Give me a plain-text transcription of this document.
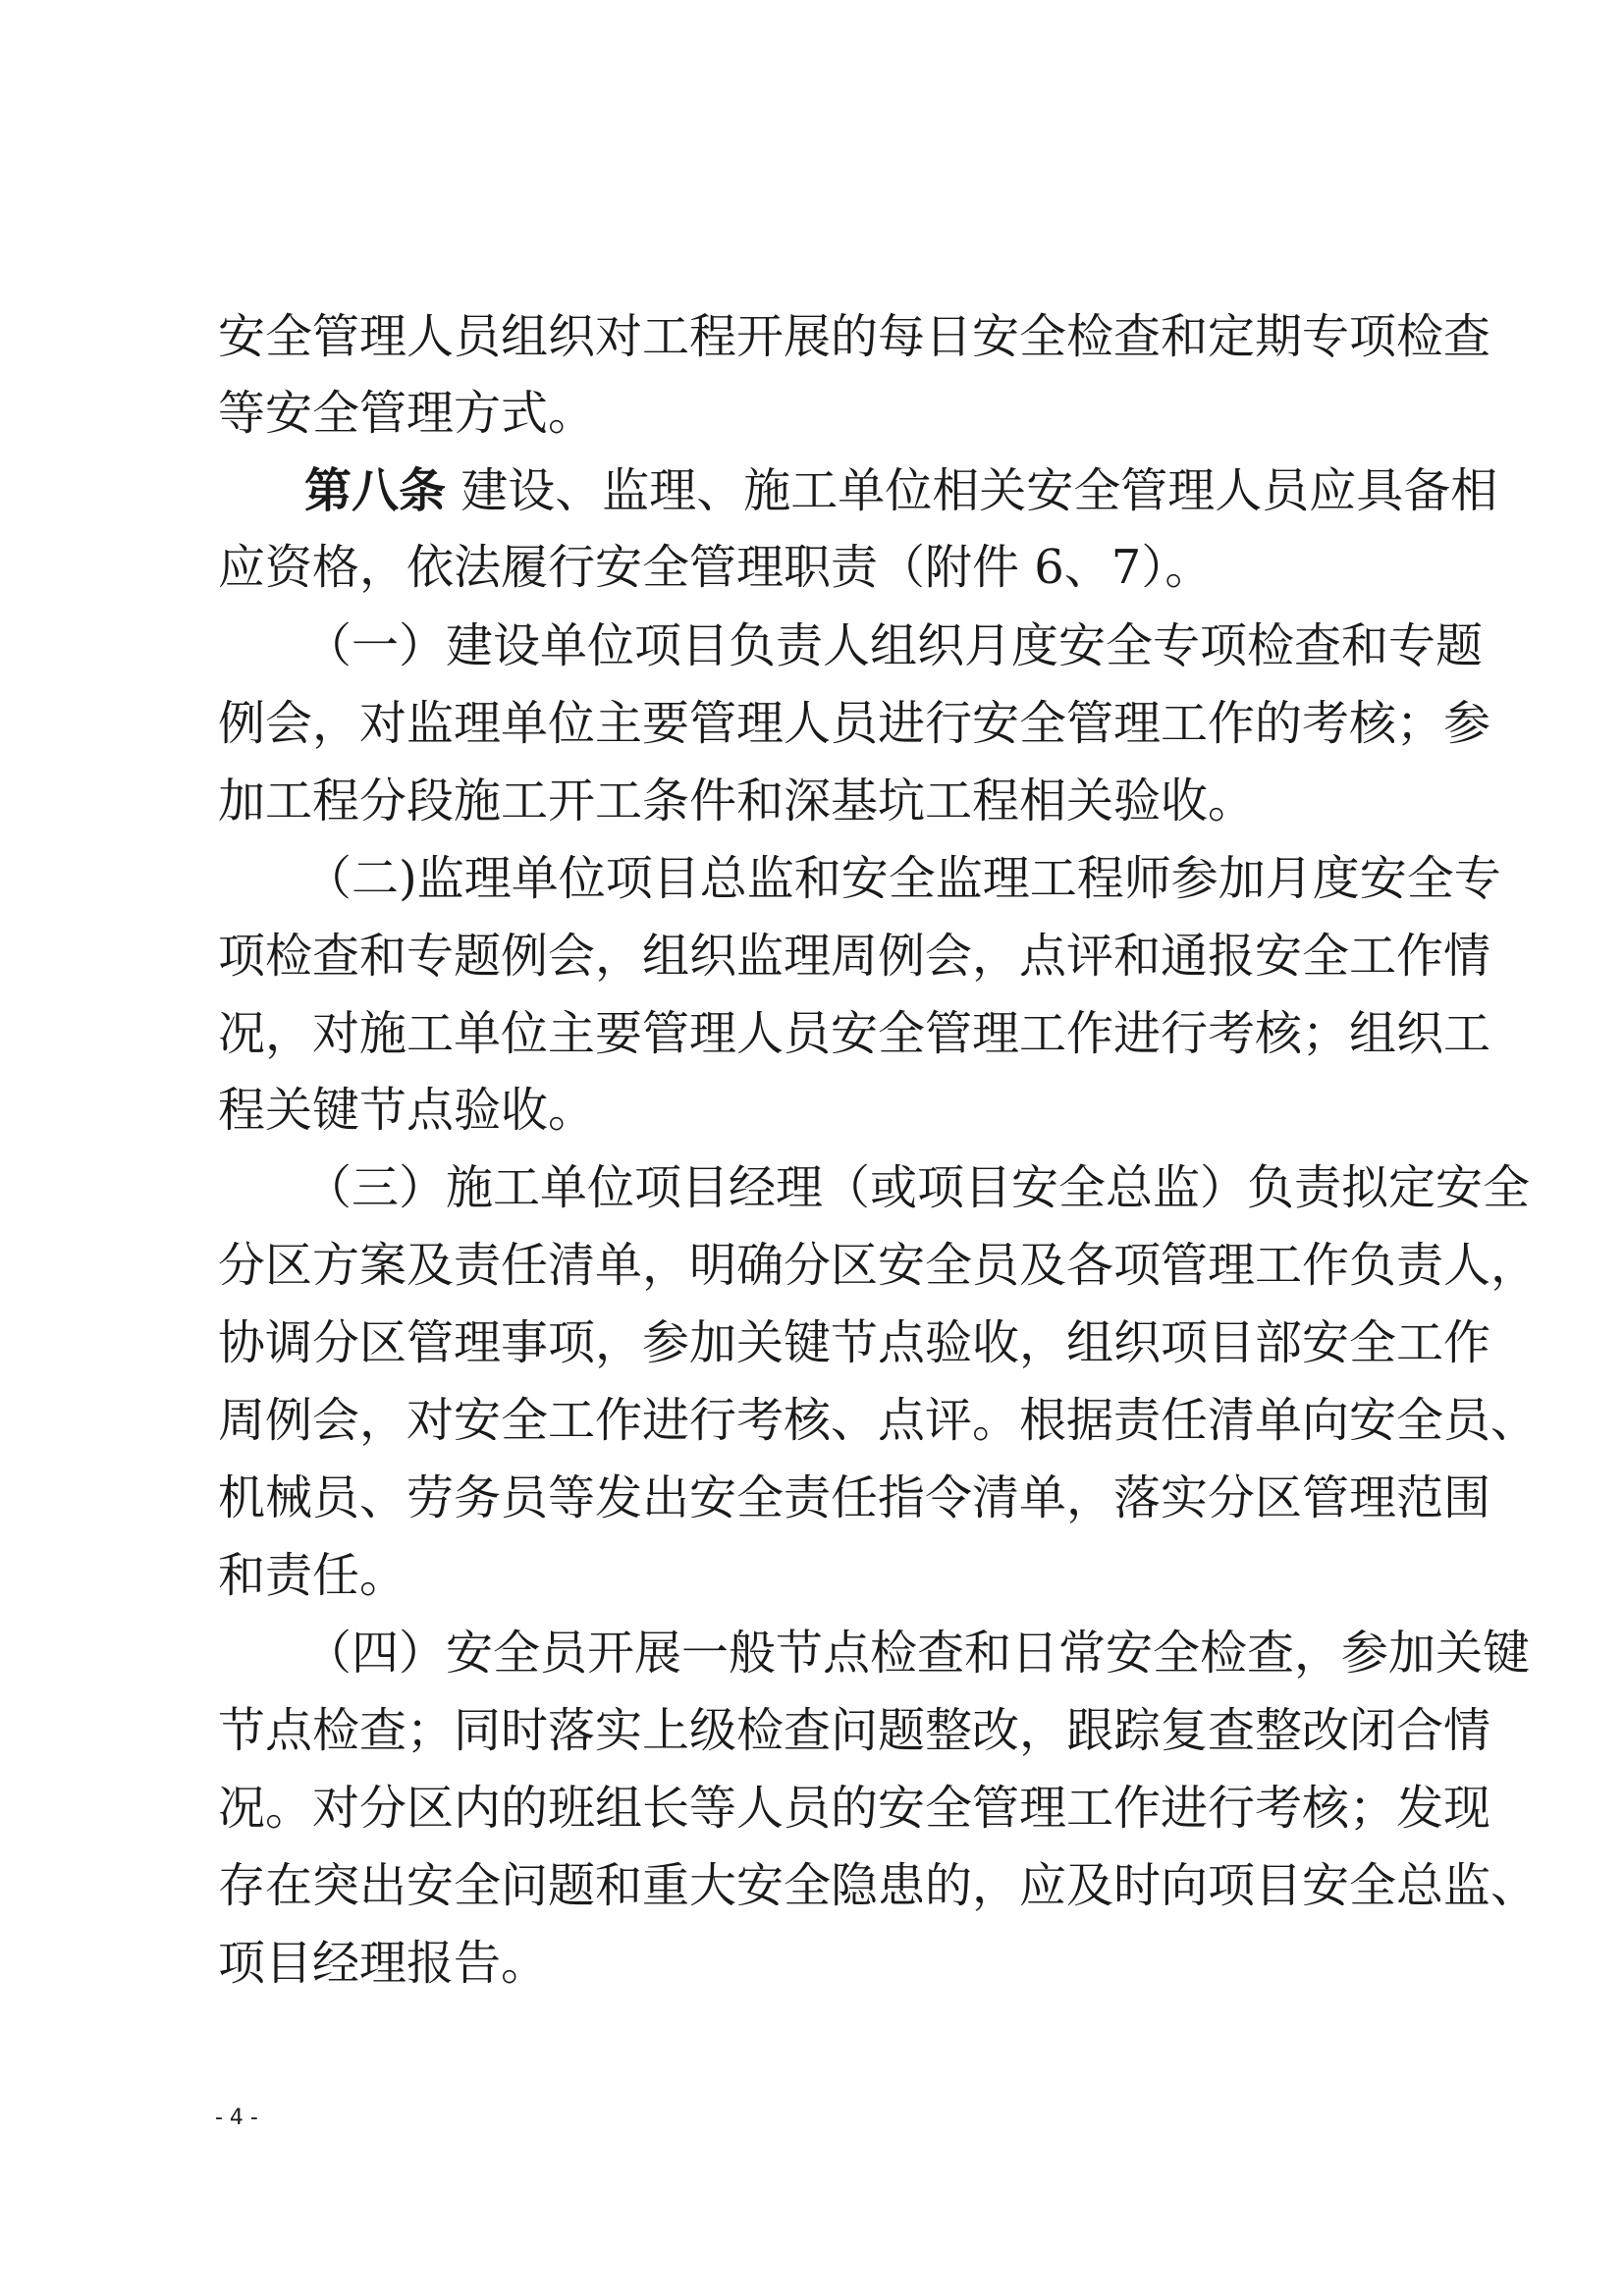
安全管理人员组织对工程开展的每日安全检查和定期专项检查
等安全管理方式。
第八条 建设、监理、施工单位相关安全管理人员应具备相
应资格，依法履行安全管理职责（附件 6、7）。
（一）建设单位项目负责人组织月度安全专项检查和专题
例会，对监理单位主要管理人员进行安全管理工作的考核；参
加工程分段施工开工条件和深基坑工程相关验收。
（二)监理单位项目总监和安全监理工程师参加月度安全专
项检查和专题例会，组织监理周例会，点评和通报安全工作情
况，对施工单位主要管理人员安全管理工作进行考核；组织工
程关键节点验收。
（三）施工单位项目经理（或项目安全总监）负责拟定安全
分区方案及责任清单，明确分区安全员及各项管理工作负责人，
协调分区管理事项，参加关键节点验收，组织项目部安全工作
周例会，对安全工作进行考核、点评。根据责任清单向安全员、
机械员、劳务员等发出安全责任指令清单，落实分区管理范围
和责任。
（四）安全员开展一般节点检查和日常安全检查，参加关键
节点检查；同时落实上级检查问题整改，跟踪复查整改闭合情
况。对分区内的班组长等人员的安全管理工作进行考核；发现
存在突出安全问题和重大安全隐患的，应及时向项目安全总监、
项目经理报告。
- 4 -
